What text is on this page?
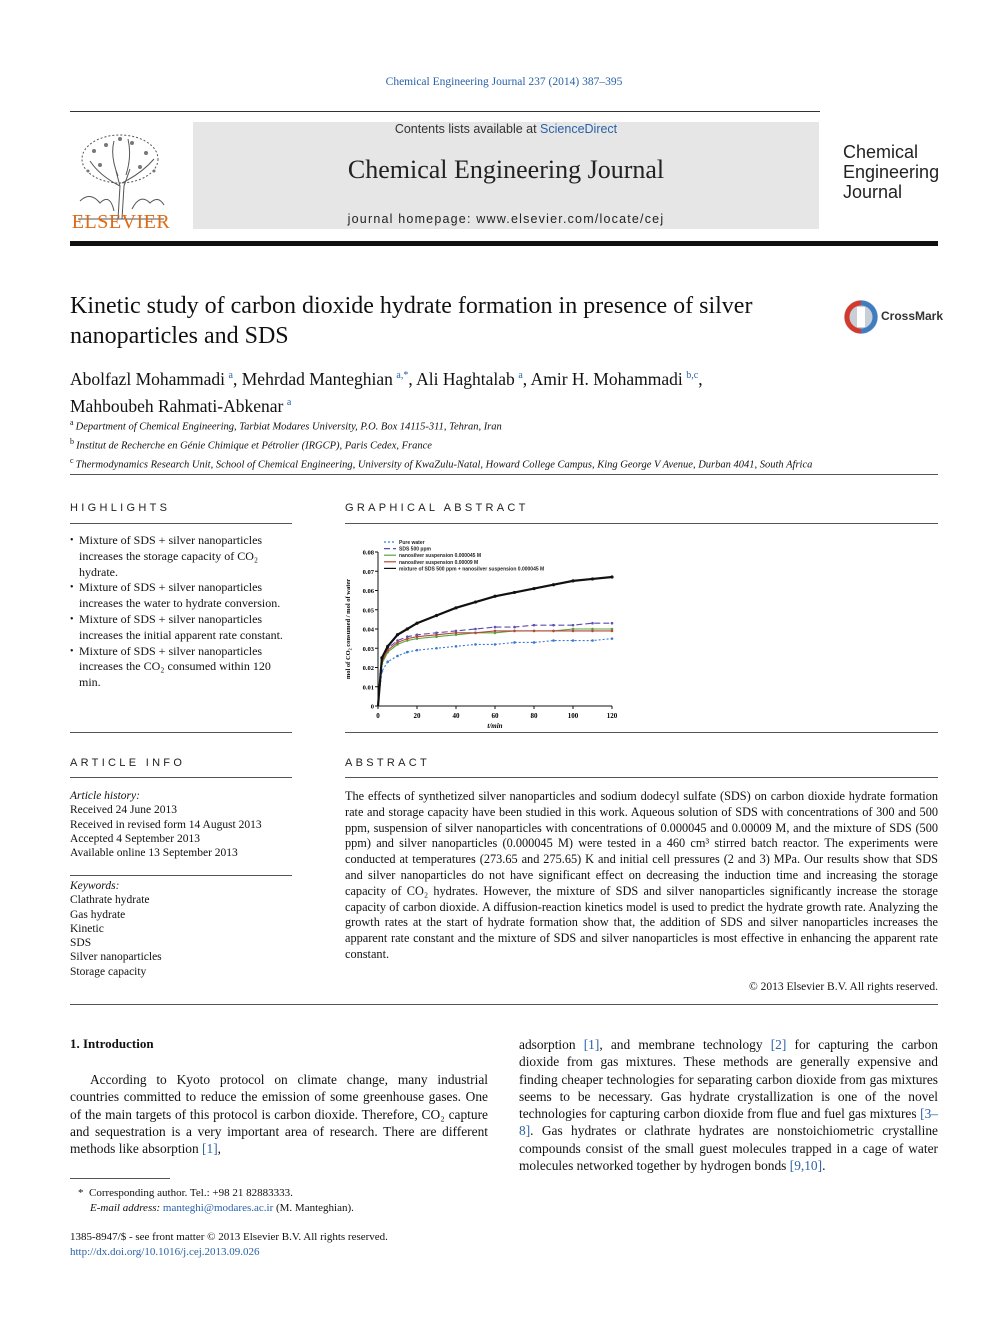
Chemical Engineering Journal 237 (2014) 387–395
ELSEVIER
Contents lists available at ScienceDirect
Chemical Engineering Journal
journal homepage: www.elsevier.com/locate/cej
Chemical
Engineering
Journal
Kinetic study of carbon dioxide hydrate formation in presence of silver nanoparticles and SDS
CrossMark
Abolfazl Mohammadi  $^a$, Mehrdad Manteghian  $^{a,*}$, Ali Haghtalab  $^a$, Amir H. Mohammadi  $^{b,c}$,
Mahboubeh Rahmati-Abkenar  $^a$
$^a$  Department of Chemical Engineering, Tarbiat Modares University, P.O. Box 14115-311, Tehran, Iran
$^b$  Institut de Recherche en Génie Chimique et Pétrolier (IRGCP), Paris Cedex, France
$^c$  Thermodynamics Research Unit, School of Chemical Engineering, University of KwaZulu-Natal, Howard College Campus, King George V Avenue, Durban 4041, South Africa
HIGHLIGHTS
• Mixture of SDS + silver nanoparticles increases the storage capacity of CO₂ hydrate.
• Mixture of SDS + silver nanoparticles increases the water to hydrate conversion.
• Mixture of SDS + silver nanoparticles increases the initial apparent rate constant.
• Mixture of SDS + silver nanoparticles increases the CO₂ consumed within 120 min.
GRAPHICAL ABSTRACT
0	20	40	60	80	100	120
0
0.01
0.02
0.03
0.04
0.05
0.06
0.07
0.08
t/min
mol of CO₂ consumed / mol of water
Pure water
SDS 500 ppm
nanosilver suspension 0.000045 M
nanosilver suspension 0.00009 M
mixture of SDS 500 ppm + nanosilver suspension 0.000045 M
ARTICLE INFO
Article history:
Received 24 June 2013
Received in revised form 14 August 2013
Accepted 4 September 2013
Available online 13 September 2013
Keywords:
Clathrate hydrate
Gas hydrate
Kinetic
SDS
Silver nanoparticles
Storage capacity
ABSTRACT
The effects of synthetized silver nanoparticles and sodium dodecyl sulfate (SDS) on carbon dioxide hydrate formation rate and storage capacity have been studied in this work. Aqueous solution of SDS with concentrations of 300 and 500 ppm, suspension of silver nanoparticles with concentrations of 0.000045 and 0.00009 M, and the mixture of SDS (500 ppm) and silver nanoparticles (0.000045 M) were tested in a 460 cm³ stirred batch reactor. The experiments were conducted at temperatures (273.65 and 275.65) K and initial cell pressures (2 and 3) MPa. Our results show that SDS and silver nanoparticles do not have significant effect on decreasing the induction time and increasing the storage capacity of CO₂ hydrates. However, the mixture of SDS and silver nanoparticles significantly increase the storage capacity of carbon dioxide. A diffusion-reaction kinetics model is used to predict the hydrate growth rate. Analyzing the growth rates at the start of hydrate formation show that, the addition of SDS and silver nanoparticles increases the apparent rate constant and the mixture of SDS and silver nanoparticles is most effective in enhancing the apparent rate constant.
© 2013 Elsevier B.V. All rights reserved.
1. Introduction
According to Kyoto protocol on climate change, many industrial countries committed to reduce the emission of some greenhouse gases. One of the main targets of this protocol is carbon dioxide. Therefore, CO₂ capture and sequestration is a very important area of research. There are different methods like absorption [1],
adsorption [1], and membrane technology [2] for capturing the carbon dioxide from gas mixtures. These methods are generally expensive and finding cheaper technologies for separating carbon dioxide from gas mixtures seems to be necessary. Gas hydrate crystallization is one of the novel technologies for capturing carbon dioxide from flue and fuel gas mixtures [3–8]. Gas hydrates or clathrate hydrates are nonstoichiometric crystalline compounds consist of the small guest molecules trapped in a cage of water molecules networked together by hydrogen bonds [9,10].
*  Corresponding author. Tel.: +98 21 82883333.
E-mail address: manteghi@modares.ac.ir (M. Manteghian).
1385-8947/$ - see front matter © 2013 Elsevier B.V. All rights reserved.
http://dx.doi.org/10.1016/j.cej.2013.09.026
